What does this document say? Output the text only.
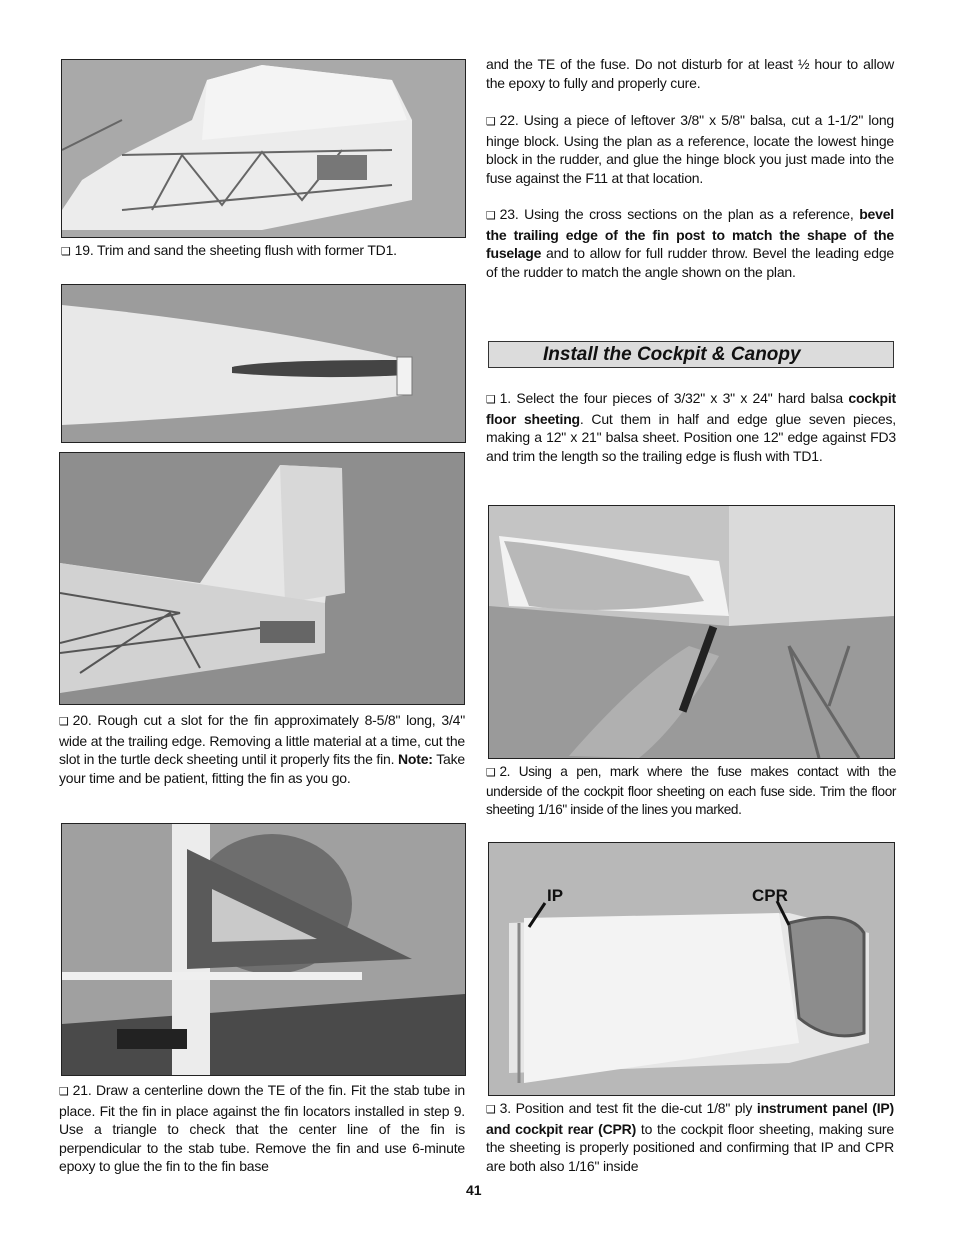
❑ 19. Trim and sand the sheeting flush with former TD1.
❑ 20. Rough cut a slot for the fin approximately 8-5/8" long, 3/4" wide at the trailing edge. Removing a little material at a time, cut the slot in the turtle deck sheeting until it properly fits the fin. Note: Take your time and be patient, fitting the fin as you go.
❑ 21. Draw a centerline down the TE of the fin. Fit the stab tube in place. Fit the fin in place against the fin locators installed in step 9. Use a triangle to check that the center line of the fin is perpendicular to the stab tube. Remove the fin and use 6-minute epoxy to glue the fin to the fin base
and the TE of the fuse. Do not disturb for at least ½ hour to allow the epoxy to fully and properly cure.
❑ 22. Using a piece of leftover 3/8" x 5/8" balsa, cut a 1-1/2" long hinge block. Using the plan as a reference, locate the lowest hinge block in the rudder, and glue the hinge block you just made into the fuse against the F11 at that location.
❑ 23. Using the cross sections on the plan as a reference, bevel the trailing edge of the fin post to match the shape of the fuselage and to allow for full rudder throw. Bevel the leading edge of the rudder to match the angle shown on the plan.
Install the Cockpit & Canopy
❑ 1. Select the four pieces of 3/32" x 3" x 24" hard balsa cockpit floor sheeting. Cut them in half and edge glue seven pieces, making a 12" x 21" balsa sheet. Position one 12" edge against FD3 and trim the length so the trailing edge is flush with TD1.
❑ 2. Using a pen, mark where the fuse makes contact with the underside of the cockpit floor sheeting on each fuse side. Trim the floor sheeting 1/16" inside of the lines you marked.
IP	CPR
❑ 3. Position and test fit the die-cut 1/8" ply instrument panel (IP) and cockpit rear (CPR) to the cockpit floor sheeting, making sure the sheeting is properly positioned and confirming that IP and CPR are both also 1/16" inside
41
